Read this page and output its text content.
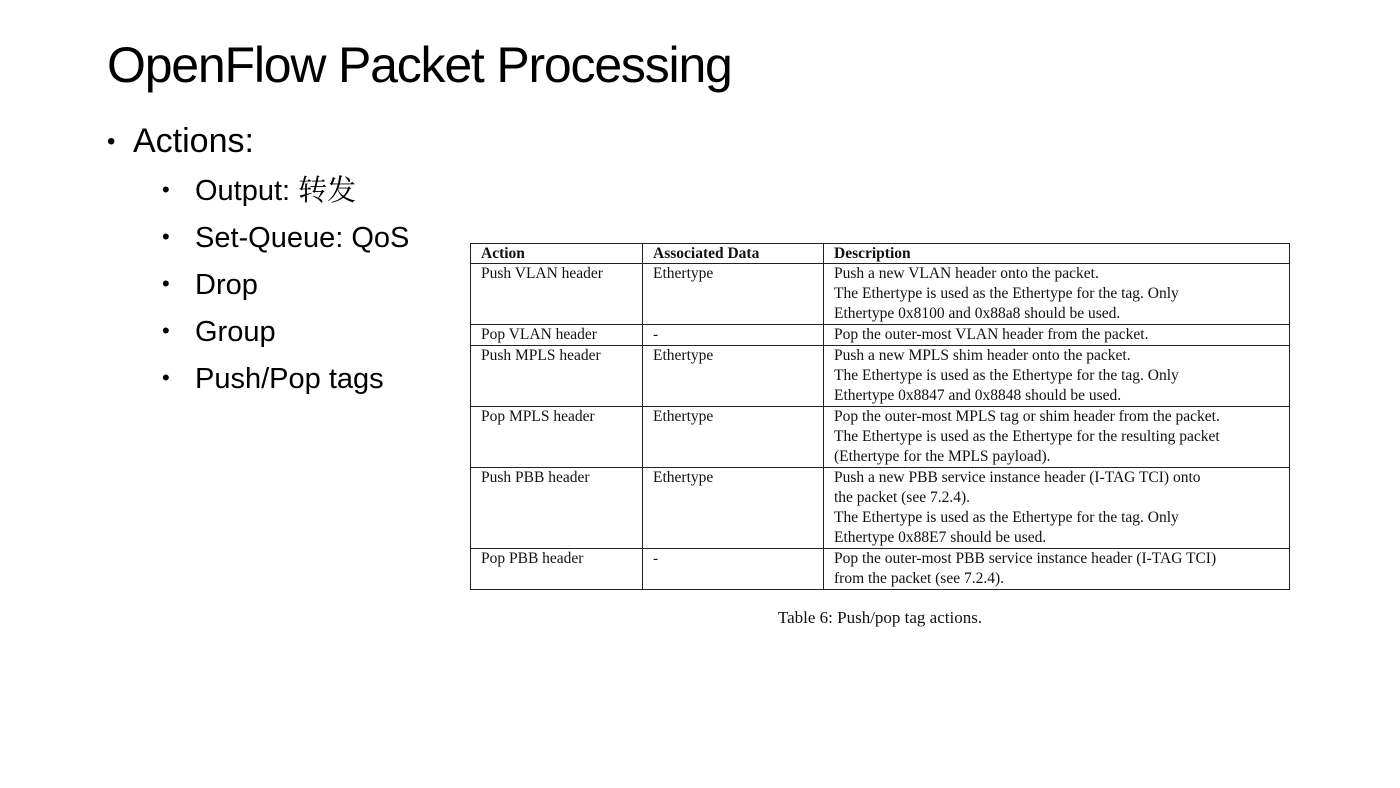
OpenFlow Packet Processing
• Actions:
• Output: 转发
• Set-Queue: QoS
• Drop
• Group
• Push/Pop tags
Action	Associated Data	Description
Push VLAN header	Ethertype	Push a new VLAN header onto the packet.
The Ethertype is used as the Ethertype for the tag. Only
Ethertype 0x8100 and 0x88a8 should be used.

Pop VLAN header	-	Pop the outer-most VLAN header from the packet.

Push MPLS header	Ethertype	Push a new MPLS shim header onto the packet.
The Ethertype is used as the Ethertype for the tag. Only
Ethertype 0x8847 and 0x8848 should be used.

Pop MPLS header	Ethertype	Pop the outer-most MPLS tag or shim header from the packet.
The Ethertype is used as the Ethertype for the resulting packet
(Ethertype for the MPLS payload).

Push PBB header	Ethertype	Push a new PBB service instance header (I-TAG TCI) onto
the packet (see 7.2.4).
The Ethertype is used as the Ethertype for the tag. Only
Ethertype 0x88E7 should be used.

Pop PBB header	-	Pop the outer-most PBB service instance header (I-TAG TCI)
from the packet (see 7.2.4).
Table 6: Push/pop tag actions.
